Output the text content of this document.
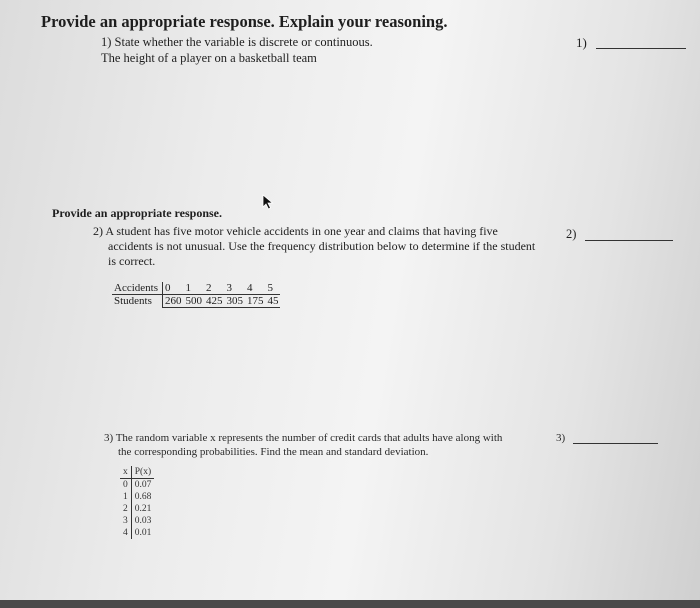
Provide an appropriate response. Explain your reasoning.
1) State whether the variable is discrete or continuous.
The height of a player on a basketball team
1)
Provide an appropriate response.
2) A student has five motor vehicle accidents in one year and claims that having five
accidents is not unusual. Use the frequency distribution below to determine if the student
is correct.
2)
Accidents	0	1	2	3	4	5
Students	260	500	425	305	175	45
3) The random variable x represents the number of credit cards that adults have along with
the corresponding probabilities. Find the mean and standard deviation.
3)
x	P(x)
0	0.07
1	0.68
2	0.21
3	0.03
4	0.01
